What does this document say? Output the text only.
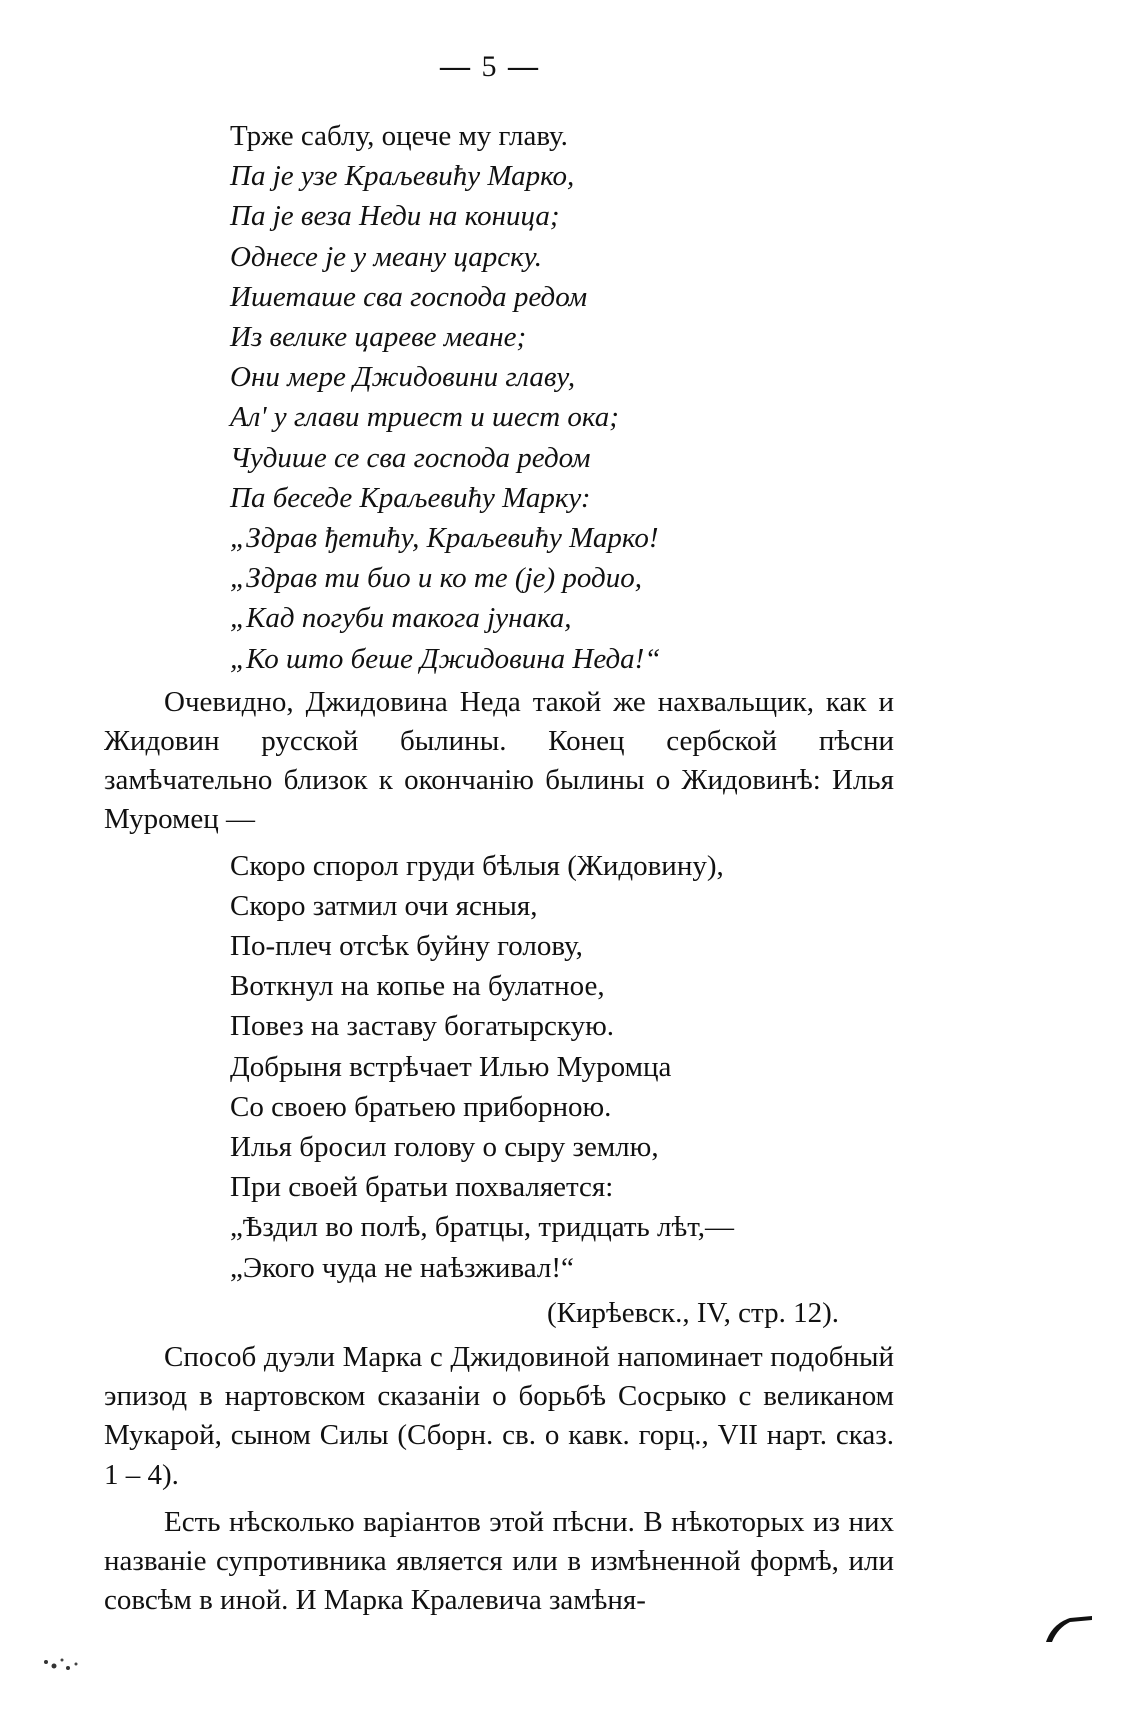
— 5 —
Трже саблу, оцече му главу.
Па је узе Краљевићу Марко,
Па је веза Неди на коница;
Однесе је у меану царску.
Ишеташе сва господа редом
Из велике цареве меане;
Они мере Джидовини главу,
Ал' у глави триест и шест ока;
Чудише се сва господа редом
Па беседе Краљевићу Марку:
„Здрав ђетићу, Краљевићу Марко!
„Здрав ти био и ко те (је) родио,
„Кад погуби такога јунака,
„Ко што беше Джидовина Неда!“

Очевидно, Джидовина Неда такой же нахвальщик, как и Жидовин русской былины. Конец сербской пѣсни замѣчательно близок к окончанію былины о Жидовинѣ: Илья Муромец —

Скоро спорол груди бѣлыя (Жидовину),
Скоро затмил очи ясныя,
По-плеч отсѣк буйну голову,
Воткнул на копье на булатное,
Повез на заставу богатырскую.
Добрыня встрѣчает Илью Муромца
Со своею братьею приборною.
Илья бросил голову о сыру землю,
При своей братьи похваляется:
„Ѣздил во полѣ, братцы, тридцать лѣт,—
„Экого чуда не наѣзживал!“
(Кирѣевск., IV, стр. 12).

Способ дуэли Марка с Джидовиной напоминает подобный эпизод в нартовском сказаніи о борьбѣ Сосрыко с великаном Мукарой, сыном Силы (Сборн. св. о кавк. горц., VII нарт. сказ. 1 – 4).

Есть нѣсколько варіантов этой пѣсни. В нѣкоторых из них названіе супротивника является или в измѣненной формѣ, или совсѣм в иной. И Марка Кралевича замѣня-
